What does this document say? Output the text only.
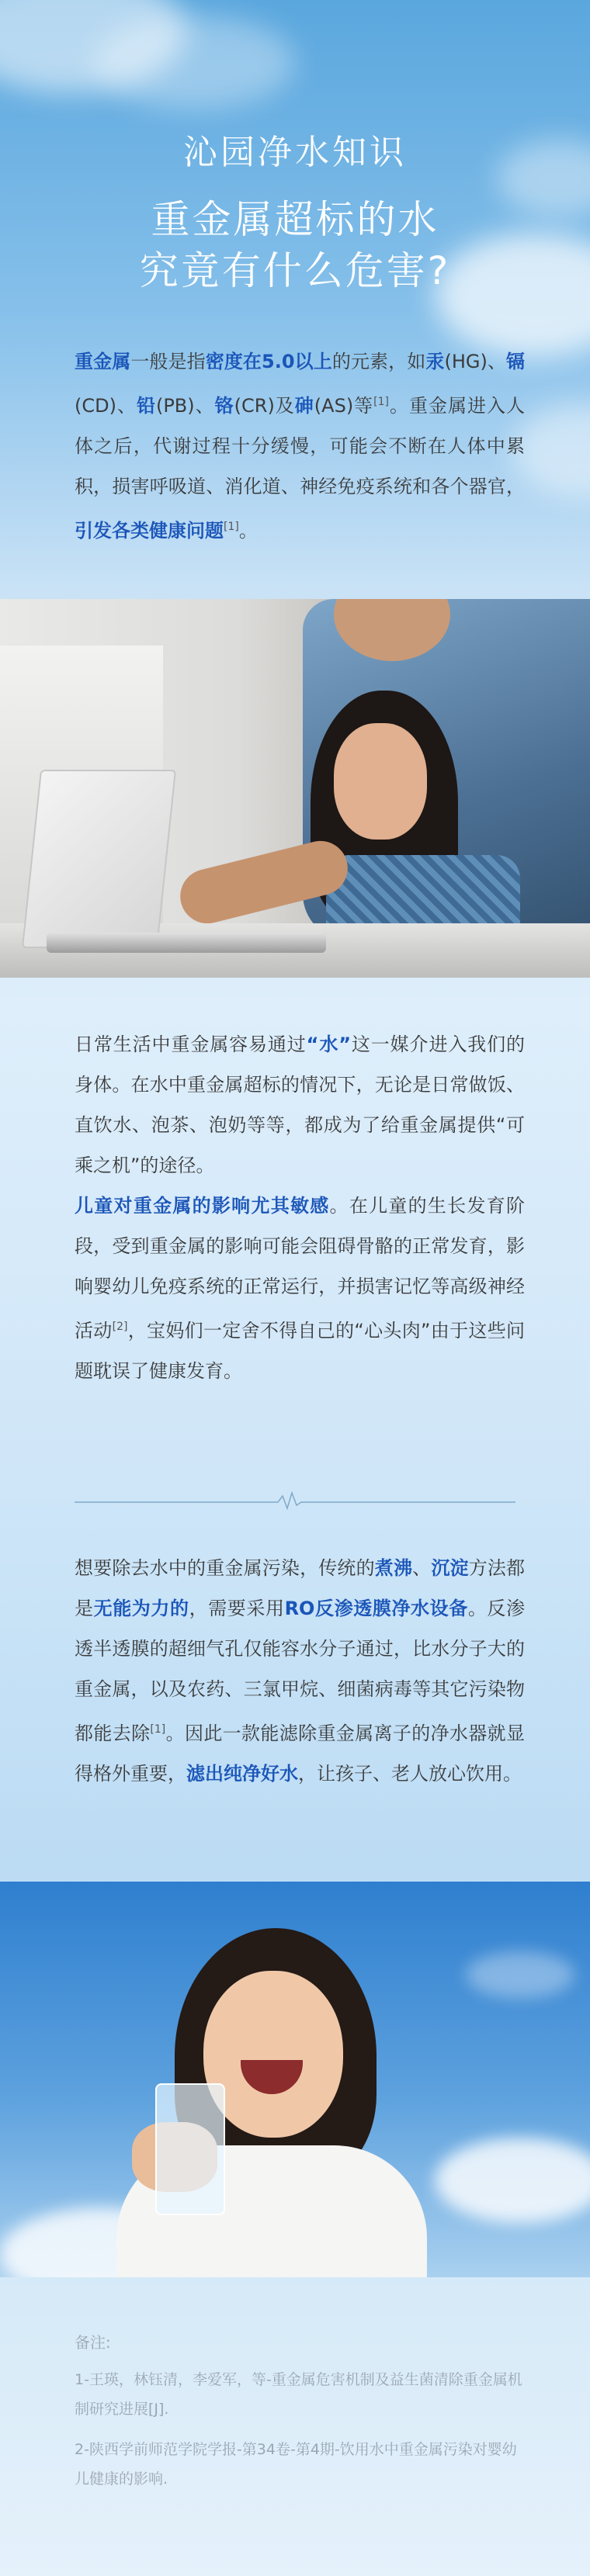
沁园净水知识
重金属超标的水
究竟有什么危害?
重金属一般是指密度在5.0以上的元素，如汞(HG)、镉(CD)、铅(PB)、铬(CR)及砷(AS)等[1]。重金属进入人体之后，代谢过程十分缓慢，可能会不断在人体中累积，损害呼吸道、消化道、神经免疫系统和各个器官，引发各类健康问题[1]。
日常生活中重金属容易通过“水”这一媒介进入我们的身体。在水中重金属超标的情况下，无论是日常做饭、直饮水、泡茶、泡奶等等，都成为了给重金属提供“可乘之机”的途径。
儿童对重金属的影响尤其敏感。在儿童的生长发育阶段，受到重金属的影响可能会阻碍骨骼的正常发育，影响婴幼儿免疫系统的正常运行，并损害记忆等高级神经活动[2]，宝妈们一定舍不得自己的“心头肉”由于这些问题耽误了健康发育。
想要除去水中的重金属污染，传统的煮沸、沉淀方法都是无能为力的，需要采用RO反渗透膜净水设备。反渗透半透膜的超细气孔仅能容水分子通过，比水分子大的重金属，以及农药、三氯甲烷、细菌病毒等其它污染物都能去除[1]。因此一款能滤除重金属离子的净水器就显得格外重要，滤出纯净好水，让孩子、老人放心饮用。
备注:
1-王瑛，林钰清，李爱军，等-重金属危害机制及益生菌清除重金属机制研究进展[J].
2-陕西学前师范学院学报-第34卷-第4期-饮用水中重金属污染对婴幼儿健康的影响.
